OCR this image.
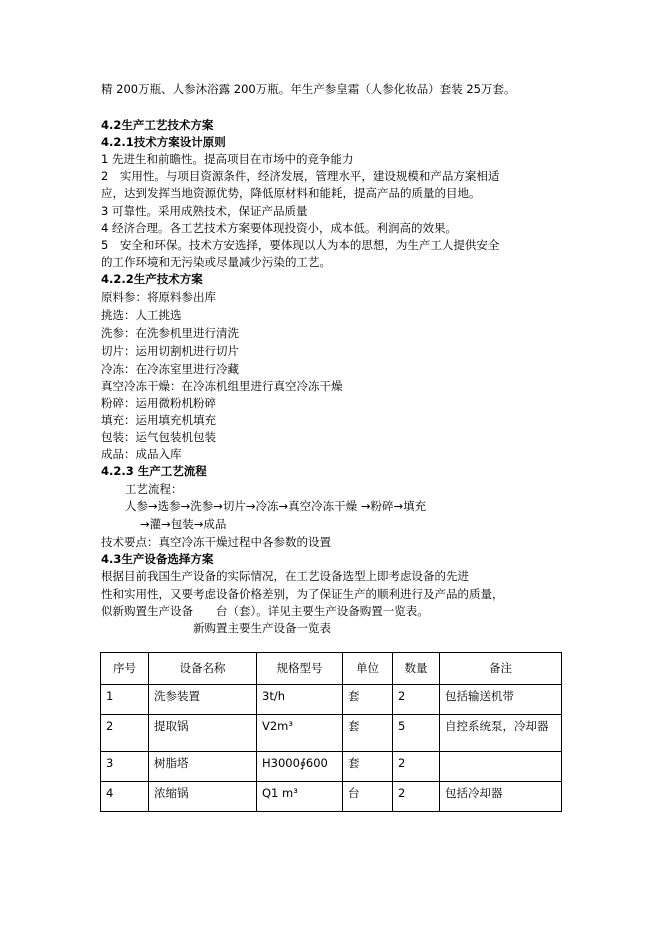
精 200万瓶、人参沐浴露 200万瓶。年生产参皇霜（人参化妆品）套装 25万套。
4.2生产工艺技术方案
4.2.1技术方案设计原则
1 先进生和前瞻性。提高项目在市场中的竞争能力
2　实用性。与项目资源条件，经济发展，管理水平，建设规模和产品方案相适
应，达到发挥当地资源优势，降低原材料和能耗，提高产品的质量的目地。
3 可靠性。采用成熟技术，保证产品质量
4 经济合理。各工艺技术方案要体现投资小，成本低。利润高的效果。
5　安全和环保。技术方安选择，要体现以人为本的思想，为生产工人提供安全
的工作环境和无污染或尽量减少污染的工艺。
4.2.2生产技术方案
原料参：将原料参出库
挑选：人工挑选
洗参：在洗参机里进行清洗
切片：运用切割机进行切片
冷冻：在冷冻室里进行冷藏
真空冷冻干燥：在冷冻机组里进行真空冷冻干燥
粉碎：运用微粉机粉碎
填充：运用填充机填充
包装：运气包装机包装
成品：成品入库
4.2.3 生产工艺流程
工艺流程：
人参→选参→洗参→切片→冷冻→真空冷冻干燥 →粉碎→填充
→灌→包装→成品
技术要点：真空冷冻干燥过程中各参数的设置
4.3生产设备选择方案
根据目前我国生产设备的实际情况，在工艺设备选型上即考虑设备的先进
性和实用性，又要考虑设备价格差别，为了保证生产的顺利进行及产品的质量，
似新购置生产设备　　台（套）。详见主要生产设备购置一览表。
新购置主要生产设备一览表
序号	设备名称	规格型号	单位	数量	备注
1	洗参装置	3t/h	套	2	包括输送机带
2	提取锅	V2m³	套	5	自控系统泵，冷却器
3	树脂塔	H3000∮600	套	2	
4	浓缩锅	Q1 m³	台	2	包括冷却器
